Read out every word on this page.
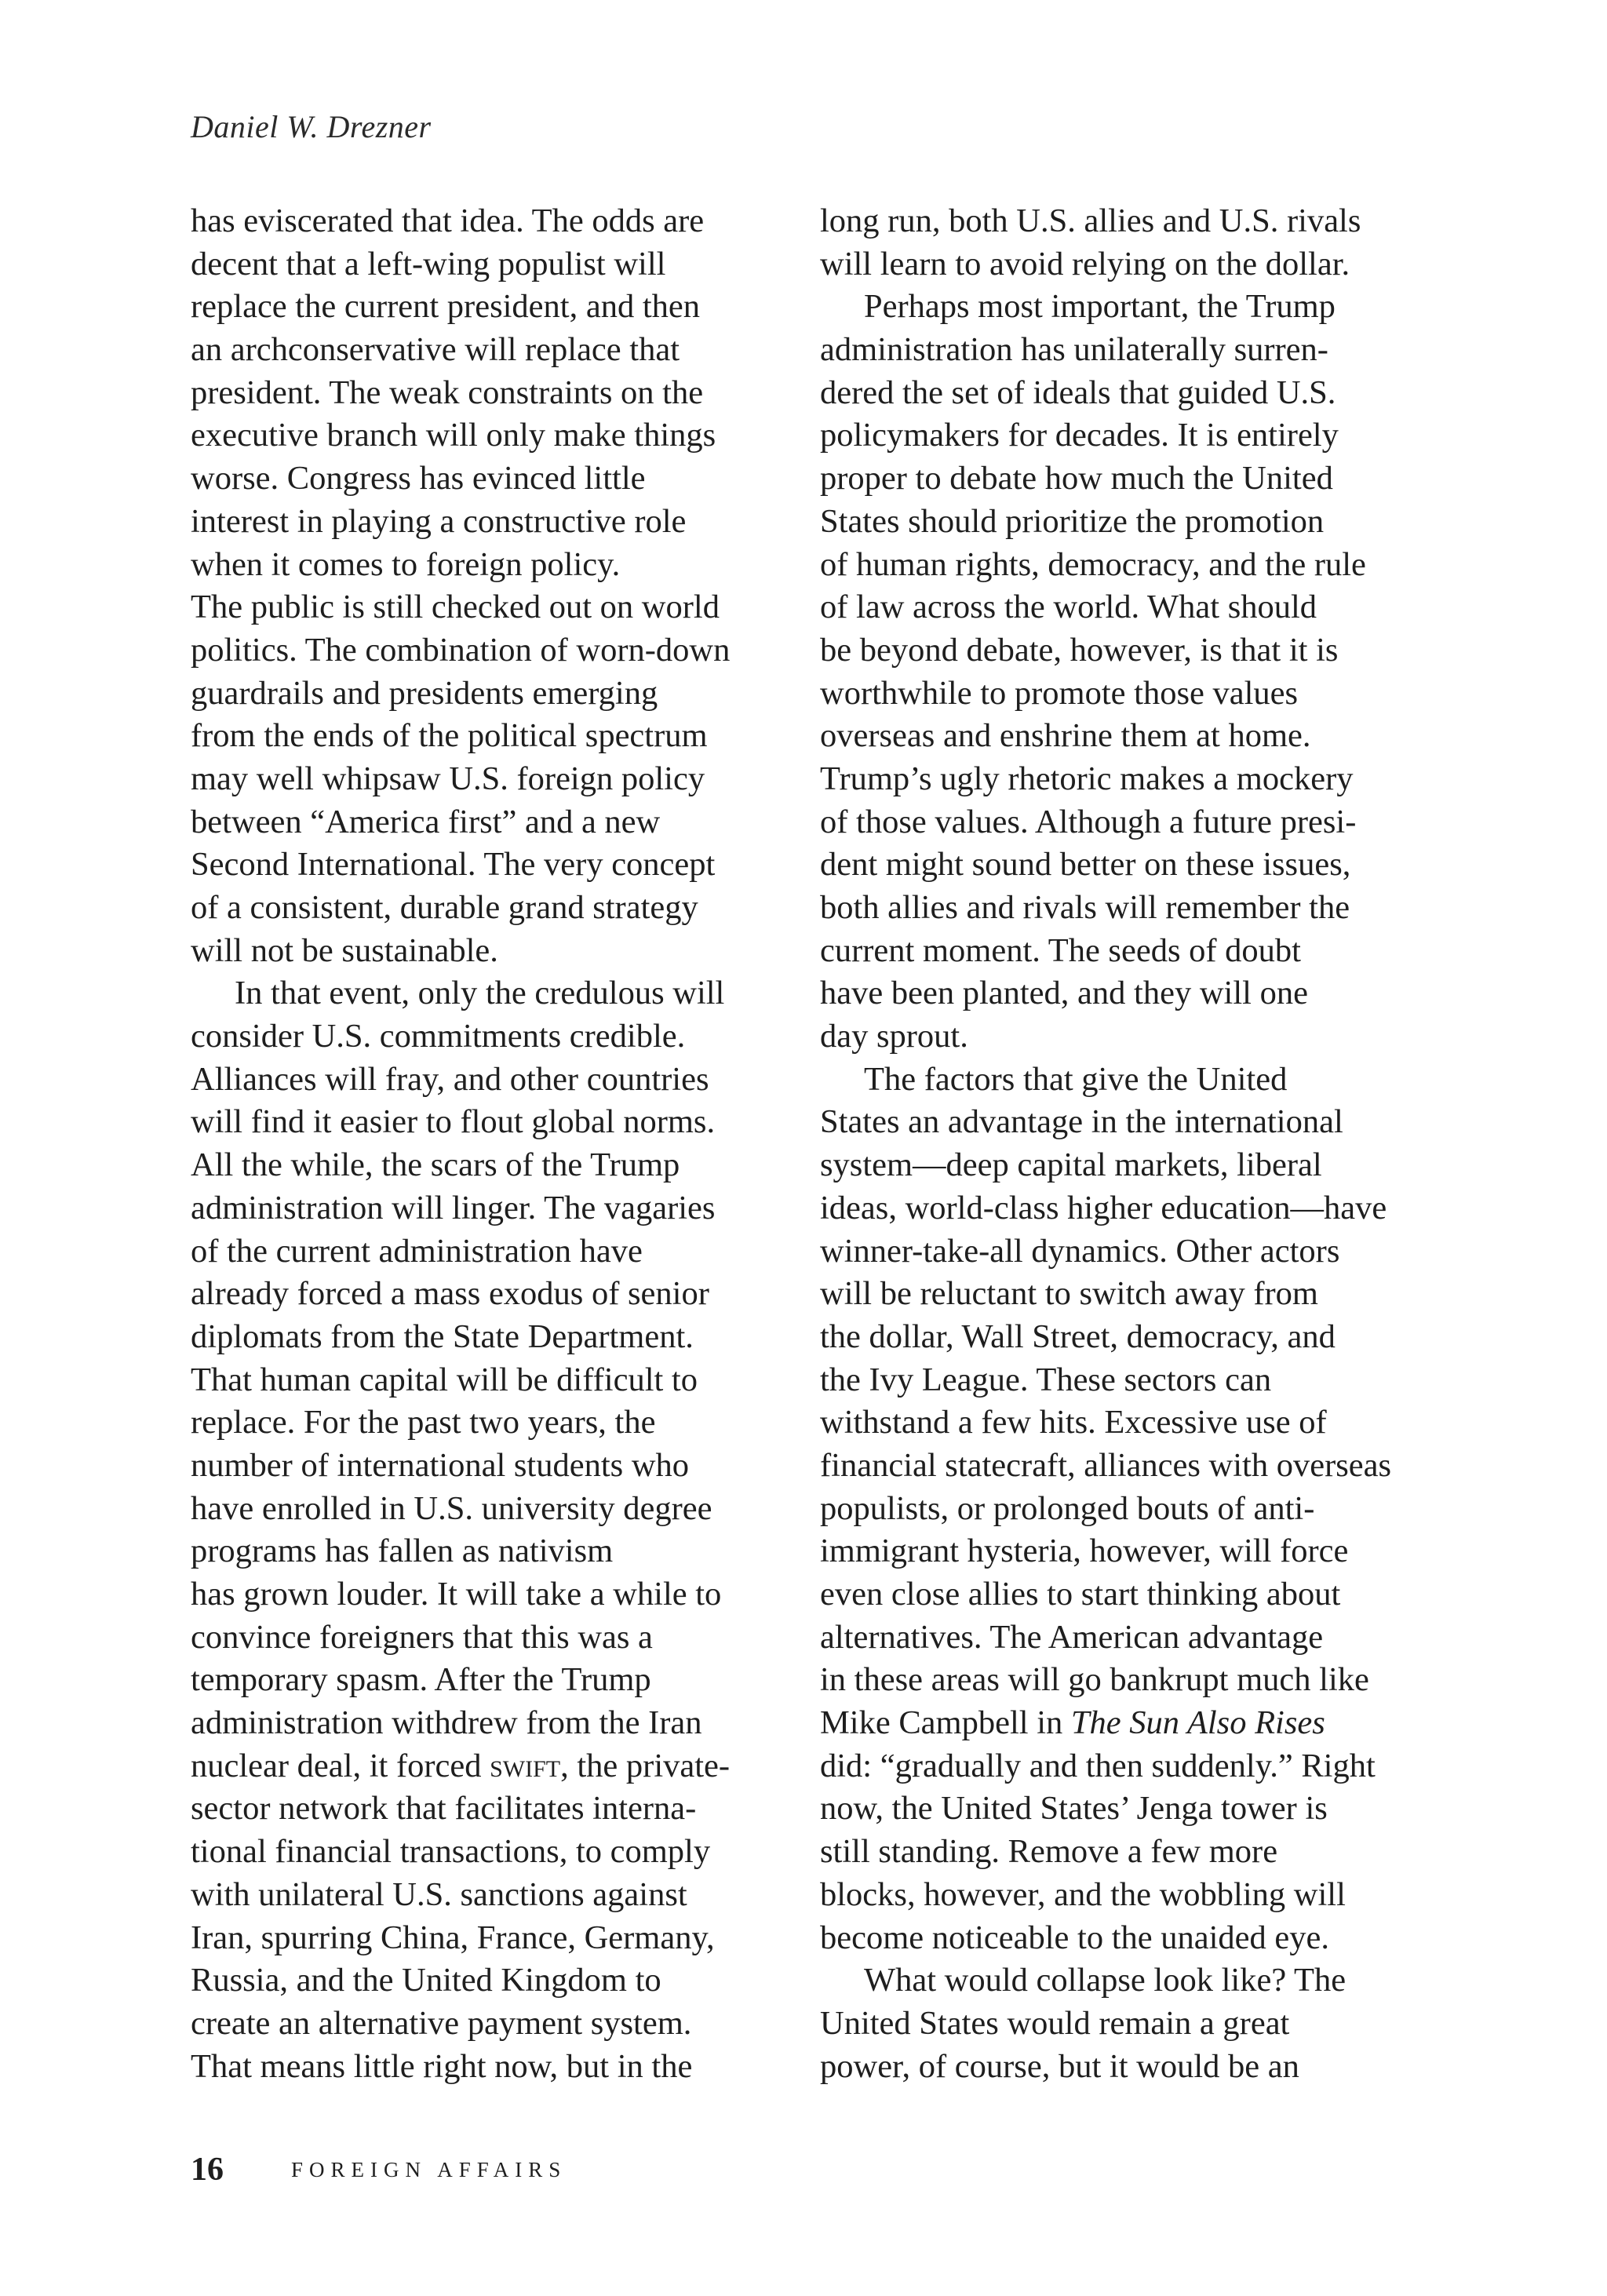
Daniel W. Drezner
has eviscerated that idea. The odds are
decent that a left-wing populist will
replace the current president, and then
an archconservative will replace that
president. The weak constraints on the
executive branch will only make things
worse. Congress has evinced little
interest in playing a constructive role
when it comes to foreign policy.
The public is still checked out on world
politics. The combination of worn-down
guardrails and presidents emerging
from the ends of the political spectrum
may well whipsaw U.S. foreign policy
between “America first” and a new
Second International. The very concept
of a consistent, durable grand strategy
will not be sustainable.
In that event, only the credulous will
consider U.S. commitments credible.
Alliances will fray, and other countries
will find it easier to flout global norms.
All the while, the scars of the Trump
administration will linger. The vagaries
of the current administration have
already forced a mass exodus of senior
diplomats from the State Department.
That human capital will be difficult to
replace. For the past two years, the
number of international students who
have enrolled in U.S. university degree
programs has fallen as nativism
has grown louder. It will take a while to
convince foreigners that this was a
temporary spasm. After the Trump
administration withdrew from the Iran
nuclear deal, it forced swift, the private-
sector network that facilitates interna-
tional financial transactions, to comply
with unilateral U.S. sanctions against
Iran, spurring China, France, Germany,
Russia, and the United Kingdom to
create an alternative payment system.
That means little right now, but in the
long run, both U.S. allies and U.S. rivals
will learn to avoid relying on the dollar.
Perhaps most important, the Trump
administration has unilaterally surren-
dered the set of ideals that guided U.S.
policymakers for decades. It is entirely
proper to debate how much the United
States should prioritize the promotion
of human rights, democracy, and the rule
of law across the world. What should
be beyond debate, however, is that it is
worthwhile to promote those values
overseas and enshrine them at home.
Trump’s ugly rhetoric makes a mockery
of those values. Although a future presi-
dent might sound better on these issues,
both allies and rivals will remember the
current moment. The seeds of doubt
have been planted, and they will one
day sprout.
The factors that give the United
States an advantage in the international
system—deep capital markets, liberal
ideas, world-class higher education—have
winner-take-all dynamics. Other actors
will be reluctant to switch away from
the dollar, Wall Street, democracy, and
the Ivy League. These sectors can
withstand a few hits. Excessive use of
financial statecraft, alliances with overseas
populists, or prolonged bouts of anti-
immigrant hysteria, however, will force
even close allies to start thinking about
alternatives. The American advantage
in these areas will go bankrupt much like
Mike Campbell in The Sun Also Rises
did: “gradually and then suddenly.” Right
now, the United States’ Jenga tower is
still standing. Remove a few more
blocks, however, and the wobbling will
become noticeable to the unaided eye.
What would collapse look like? The
United States would remain a great
power, of course, but it would be an
16	FOREIGN AFFAIRS
